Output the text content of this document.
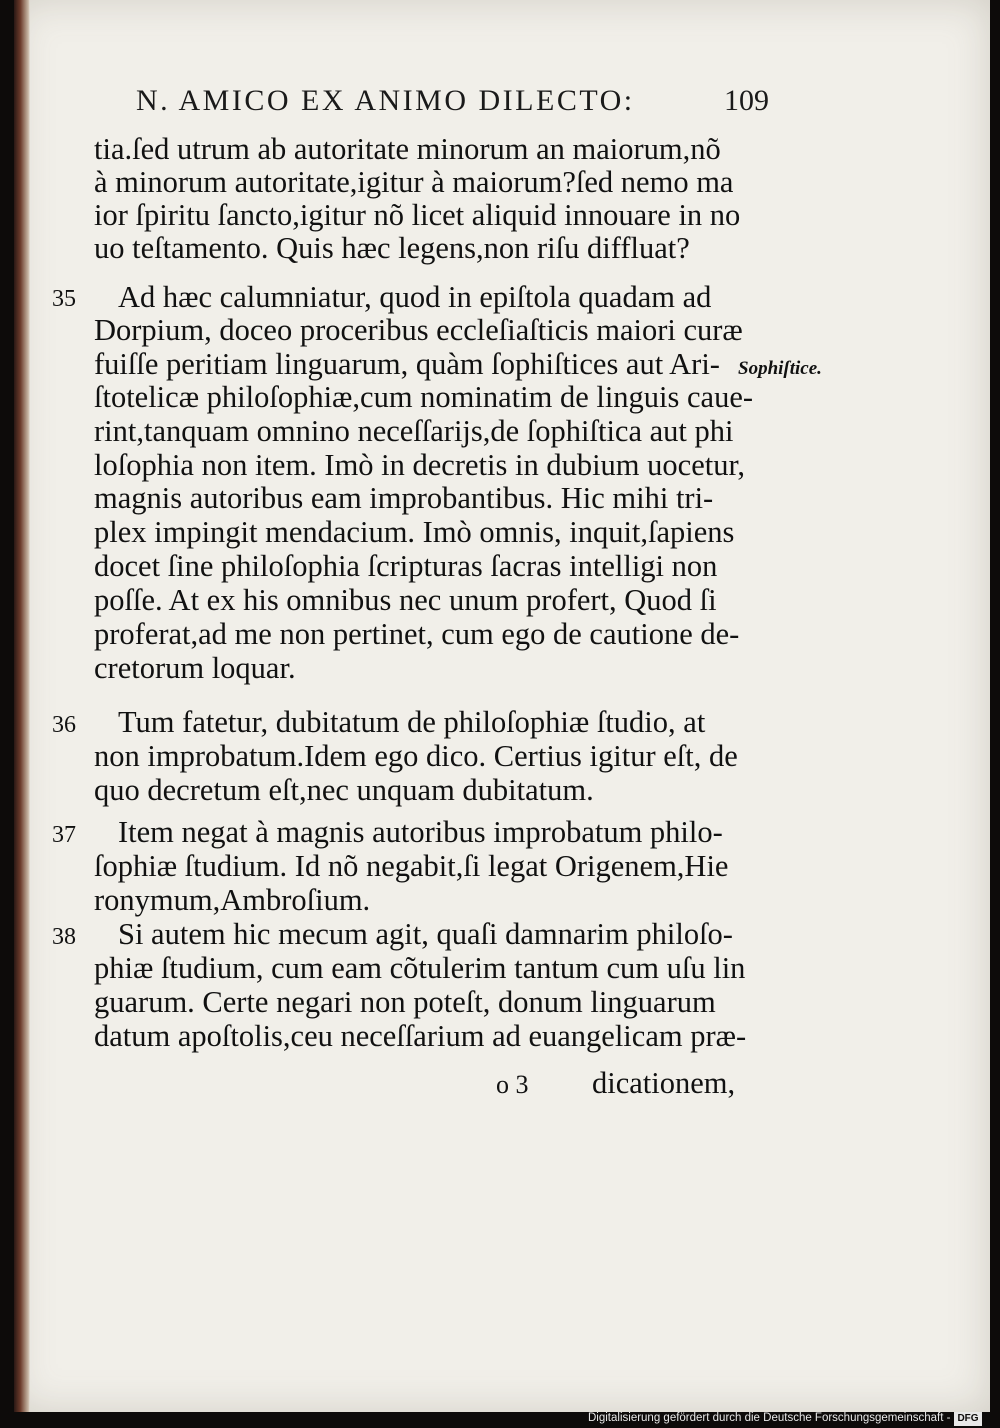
N. AMICO EX ANIMO DILECTO:	109
tia.ſed utrum ab autoritate minorum an maiorum,nõ
à minorum autoritate,igitur à maiorum?ſed nemo ma
ior ſpiritu ſancto,igitur nõ licet aliquid innouare in no
uo teſtamento. Quis hæc legens,non riſu diffluat?
35 Ad hæc calumniatur, quod in epiſtola quadam ad
Dorpium, doceo proceribus eccleſiaſticis maiori curæ
fuiſſe peritiam linguarum, quàm ſophiſtices aut Ari- Sophiſtice.
ſtotelicæ philoſophiæ,cum nominatim de linguis caue-
rint,tanquam omnino neceſſarijs,de ſophiſtica aut phi
loſophia non item. Imò in decretis in dubium uocetur,
magnis autoribus eam improbantibus. Hic mihi tri-
plex impingit mendacium. Imò omnis, inquit,ſapiens
docet ſine philoſophia ſcripturas ſacras intelligi non
poſſe. At ex his omnibus nec unum profert, Quod ſi
proferat,ad me non pertinet, cum ego de cautione de-
cretorum loquar.
36 Tum fatetur, dubitatum de philoſophiæ ſtudio, at
non improbatum.Idem ego dico. Certius igitur eſt, de
quo decretum eſt,nec unquam dubitatum.
37 Item negat à magnis autoribus improbatum philo-
ſophiæ ſtudium. Id nõ negabit,ſi legat Origenem,Hie
ronymum,Ambroſium.
38 Si autem hic mecum agit, quaſi damnarim philoſo-
phiæ ſtudium, cum eam cõtulerim tantum cum uſu lin
guarum. Certe negari non poteſt, donum linguarum
datum apoſtolis,ceu neceſſarium ad euangelicam præ-
o 3 dicationem,
Digitalisierung gefördert durch die Deutsche Forschungsgemeinschaft - DFG
